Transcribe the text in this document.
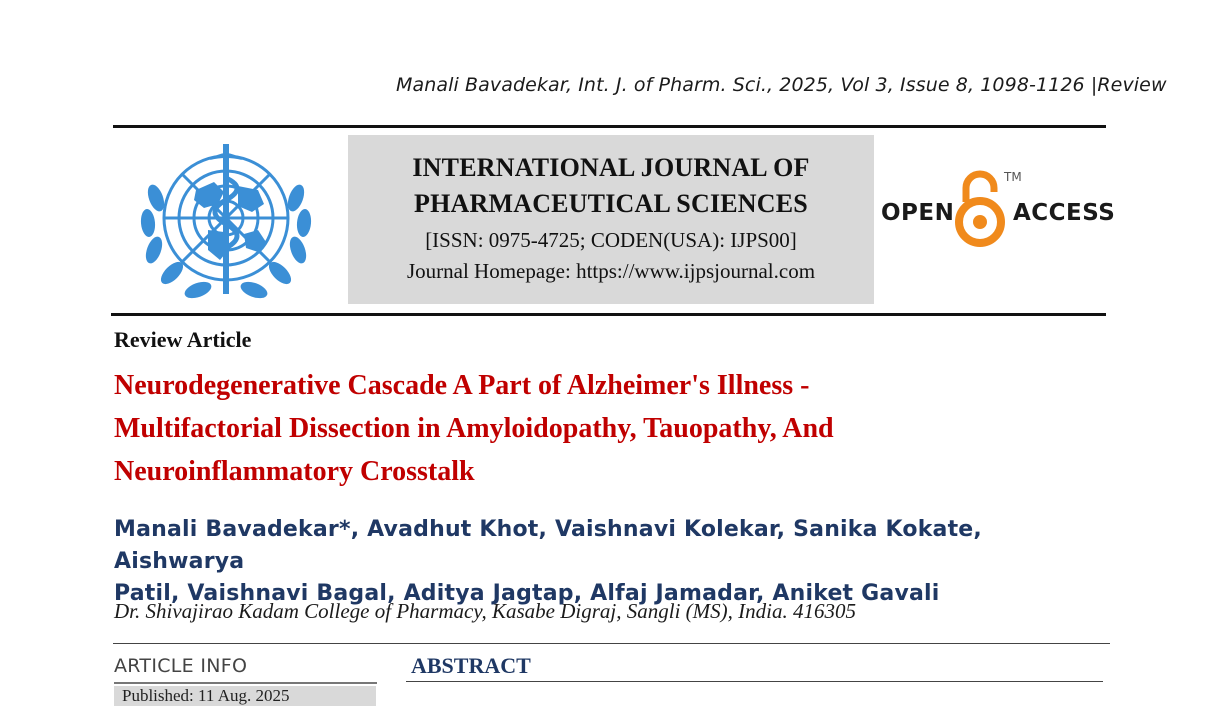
Manali Bavadekar, Int. J. of Pharm. Sci., 2025, Vol 3, Issue 8, 1098-1126 |Review
INTERNATIONAL JOURNAL OF
PHARMACEUTICAL SCIENCES
[ISSN: 0975-4725; CODEN(USA): IJPS00]
Journal Homepage: https://www.ijpsjournal.com
OPEN
TM
ACCESS
Review Article
Neurodegenerative Cascade A Part of Alzheimer's Illness -
Multifactorial Dissection in Amyloidopathy, Tauopathy, And
Neuroinflammatory Crosstalk
Manali Bavadekar*, Avadhut Khot, Vaishnavi Kolekar, Sanika Kokate, Aishwarya
Patil, Vaishnavi Bagal, Aditya Jagtap, Alfaj Jamadar, Aniket Gavali
Dr. Shivajirao Kadam College of Pharmacy, Kasabe Digraj, Sangli (MS), India. 416305
ARTICLE INFO
Published: 11 Aug. 2025
ABSTRACT
